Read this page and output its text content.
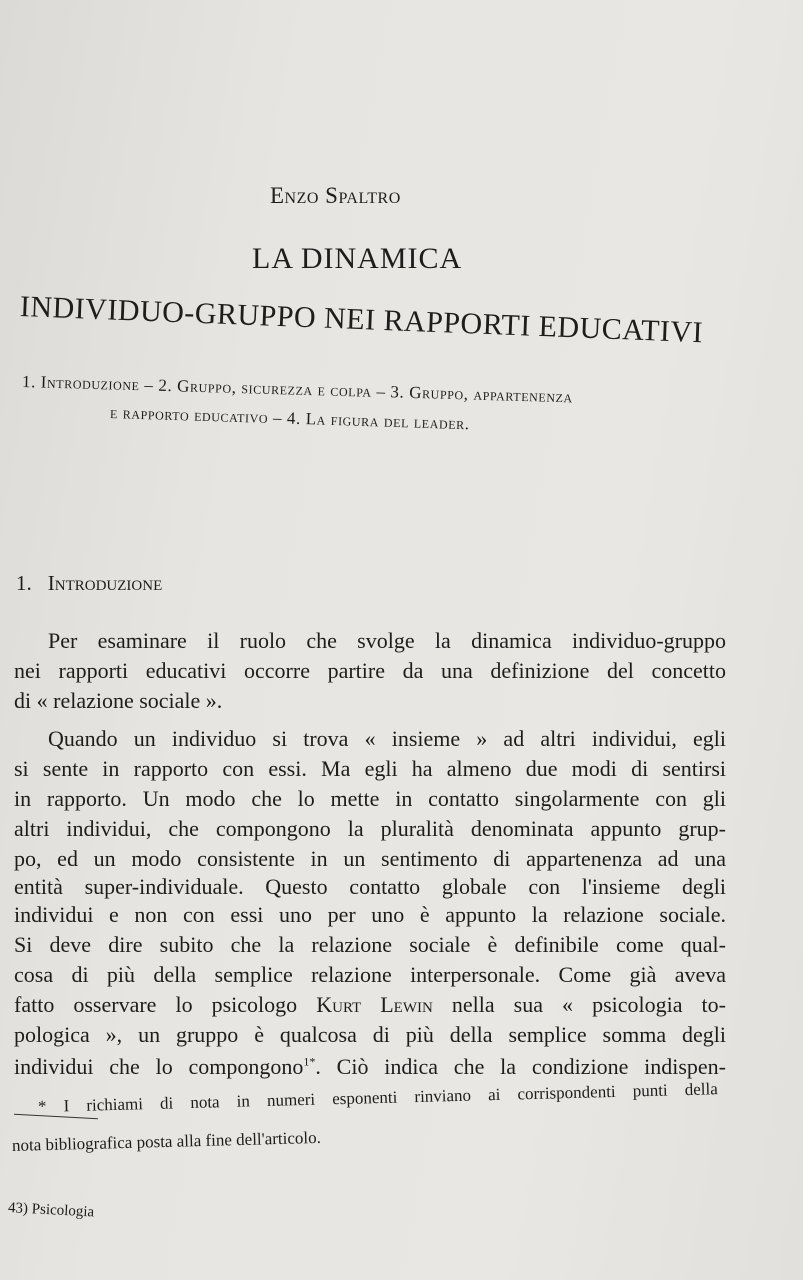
Enzo Spaltro
LA DINAMICA
INDIVIDUO-GRUPPO NEI RAPPORTI EDUCATIVI
1. Introduzione – 2. Gruppo, sicurezza e colpa – 3. Gruppo, appartenenza
e rapporto educativo – 4. La figura del leader.
1. Introduzione
Per esaminare il ruolo che svolge la dinamica individuo-gruppo
nei rapporti educativi occorre partire da una definizione del concetto
di « relazione sociale ».
Quando un individuo si trova « insieme » ad altri individui, egli
si sente in rapporto con essi. Ma egli ha almeno due modi di sentirsi
in rapporto. Un modo che lo mette in contatto singolarmente con gli
altri individui, che compongono la pluralità denominata appunto grup-
po, ed un modo consistente in un sentimento di appartenenza ad una
entità super-individuale. Questo contatto globale con l'insieme degli
individui e non con essi uno per uno è appunto la relazione sociale.
Si deve dire subito che la relazione sociale è definibile come qual-
cosa di più della semplice relazione interpersonale. Come già aveva
fatto osservare lo psicologo Kurt Lewin nella sua « psicologia to-
pologica », un gruppo è qualcosa di più della semplice somma degli
individui che lo compongono$^{1*}$. Ciò indica che la condizione indispen-
* I richiami di nota in numeri esponenti rinviano ai corrispondenti punti della
nota bibliografica posta alla fine dell'articolo.
43) Psicologia
